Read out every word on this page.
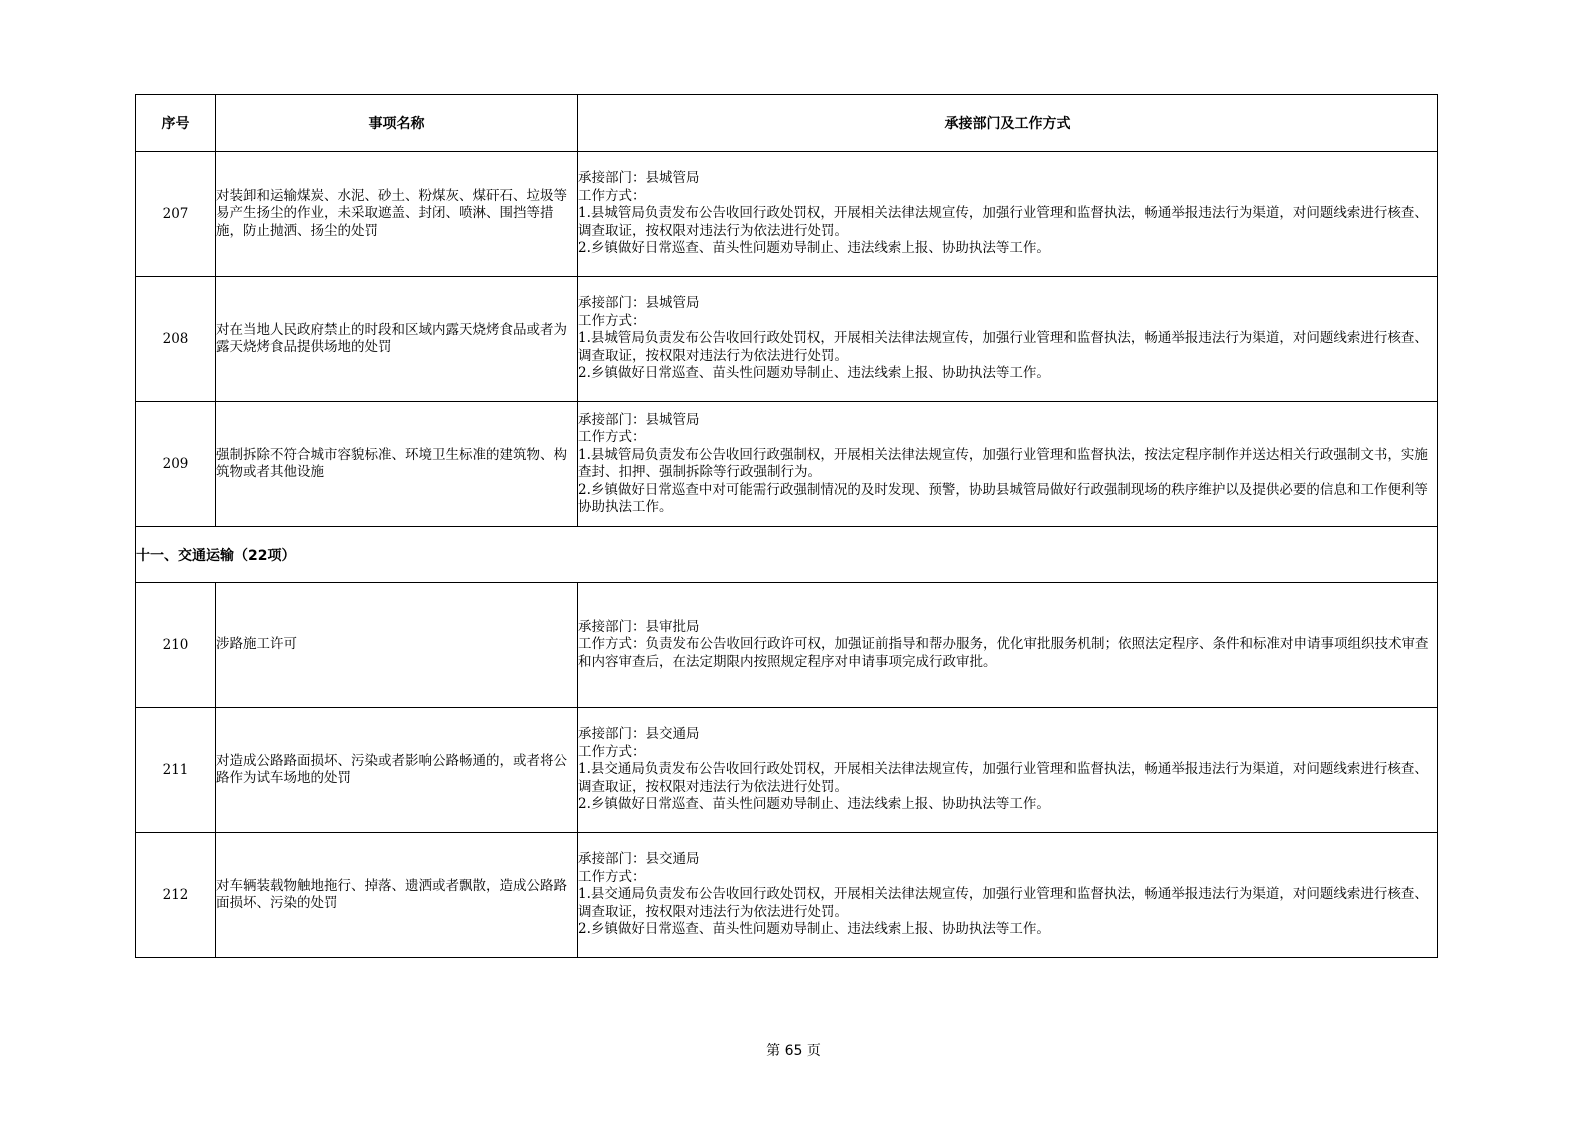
序号	事项名称	承接部门及工作方式
207	对装卸和运输煤炭、水泥、砂土、粉煤灰、煤矸石、垃圾等易产生扬尘的作业，未采取遮盖、封闭、喷淋、围挡等措施，防止抛洒、扬尘的处罚	承接部门：县城管局
工作方式：
1.县城管局负责发布公告收回行政处罚权，开展相关法律法规宣传，加强行业管理和监督执法，畅通举报违法行为渠道，对问题线索进行核查、调查取证，按权限对违法行为依法进行处罚。
2.乡镇做好日常巡查、苗头性问题劝导制止、违法线索上报、协助执法等工作。

208	对在当地人民政府禁止的时段和区域内露天烧烤食品或者为露天烧烤食品提供场地的处罚	承接部门：县城管局
工作方式：
1.县城管局负责发布公告收回行政处罚权，开展相关法律法规宣传，加强行业管理和监督执法，畅通举报违法行为渠道，对问题线索进行核查、调查取证，按权限对违法行为依法进行处罚。
2.乡镇做好日常巡查、苗头性问题劝导制止、违法线索上报、协助执法等工作。

209	强制拆除不符合城市容貌标准、环境卫生标准的建筑物、构筑物或者其他设施	承接部门：县城管局
工作方式：
1.县城管局负责发布公告收回行政强制权，开展相关法律法规宣传，加强行业管理和监督执法，按法定程序制作并送达相关行政强制文书，实施查封、扣押、强制拆除等行政强制行为。
2.乡镇做好日常巡查中对可能需行政强制情况的及时发现、预警，协助县城管局做好行政强制现场的秩序维护以及提供必要的信息和工作便利等协助执法工作。

十一、交通运输（22项）		
210	涉路施工许可	承接部门：县审批局
工作方式：负责发布公告收回行政许可权，加强证前指导和帮办服务，优化审批服务机制；依照法定程序、条件和标准对申请事项组织技术审查和内容审查后，在法定期限内按照规定程序对申请事项完成行政审批。

211	对造成公路路面损坏、污染或者影响公路畅通的，或者将公路作为试车场地的处罚	承接部门：县交通局
工作方式：
1.县交通局负责发布公告收回行政处罚权，开展相关法律法规宣传，加强行业管理和监督执法，畅通举报违法行为渠道，对问题线索进行核查、调查取证，按权限对违法行为依法进行处罚。
2.乡镇做好日常巡查、苗头性问题劝导制止、违法线索上报、协助执法等工作。

212	对车辆装载物触地拖行、掉落、遗洒或者飘散，造成公路路面损坏、污染的处罚	承接部门：县交通局
工作方式：
1.县交通局负责发布公告收回行政处罚权，开展相关法律法规宣传，加强行业管理和监督执法，畅通举报违法行为渠道，对问题线索进行核查、调查取证，按权限对违法行为依法进行处罚。
2.乡镇做好日常巡查、苗头性问题劝导制止、违法线索上报、协助执法等工作。
第 65 页
